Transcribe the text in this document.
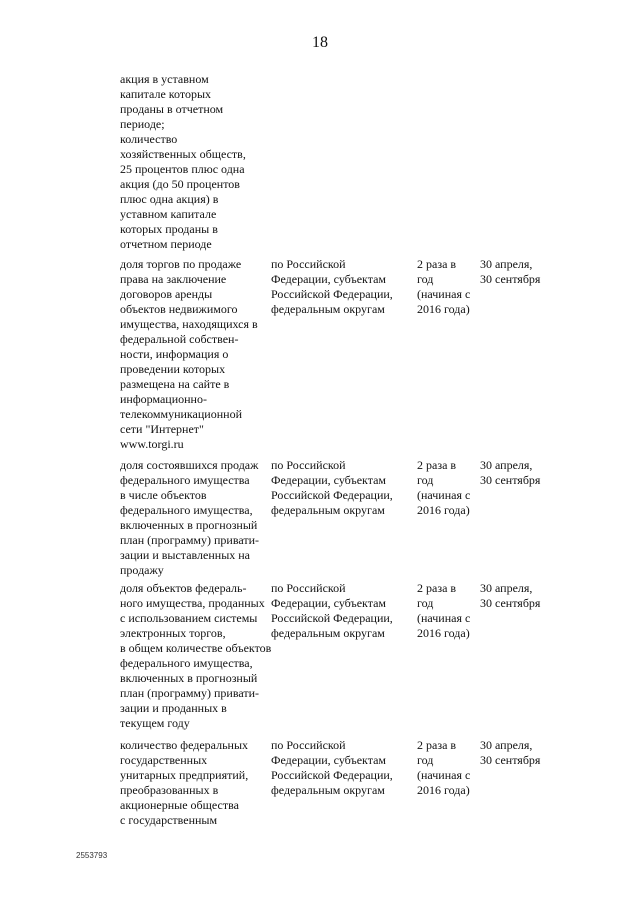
18
акция в уставном
капитале которых
проданы в отчетном
периоде;
количество
хозяйственных обществ,
25 процентов плюс одна
акция (до 50 процентов
плюс одна акция) в
уставном капитале
которых проданы в
отчетном периоде
доля торгов по продаже
права на заключение
договоров аренды
объектов недвижимого
имущества, находящихся в
федеральной собствен-
ности, информация о
проведении которых
размещена на сайте в
информационно-
телекоммуникационной
сети "Интернет"
www.torgi.ru
по Российской
Федерации, субъектам
Российской Федерации,
федеральным округам
2 раза в
год
(начиная с
2016 года)
30 апреля,
30 сентября
доля состоявшихся продаж
федерального имущества
в числе объектов
федерального имущества,
включенных в прогнозный
план (программу) привати-
зации и выставленных на
продажу
по Российской
Федерации, субъектам
Российской Федерации,
федеральным округам
2 раза в
год
(начиная с
2016 года)
30 апреля,
30 сентября
доля объектов федераль-
ного имущества, проданных
с использованием системы
электронных торгов,
в общем количестве объектов
федерального имущества,
включенных в прогнозный
план (программу) привати-
зации и проданных в
текущем году
по Российской
Федерации, субъектам
Российской Федерации,
федеральным округам
2 раза в
год
(начиная с
2016 года)
30 апреля,
30 сентября
количество федеральных
государственных
унитарных предприятий,
преобразованных в
акционерные общества
с государственным
по Российской
Федерации, субъектам
Российской Федерации,
федеральным округам
2 раза в
год
(начиная с
2016 года)
30 апреля,
30 сентября
2553793
